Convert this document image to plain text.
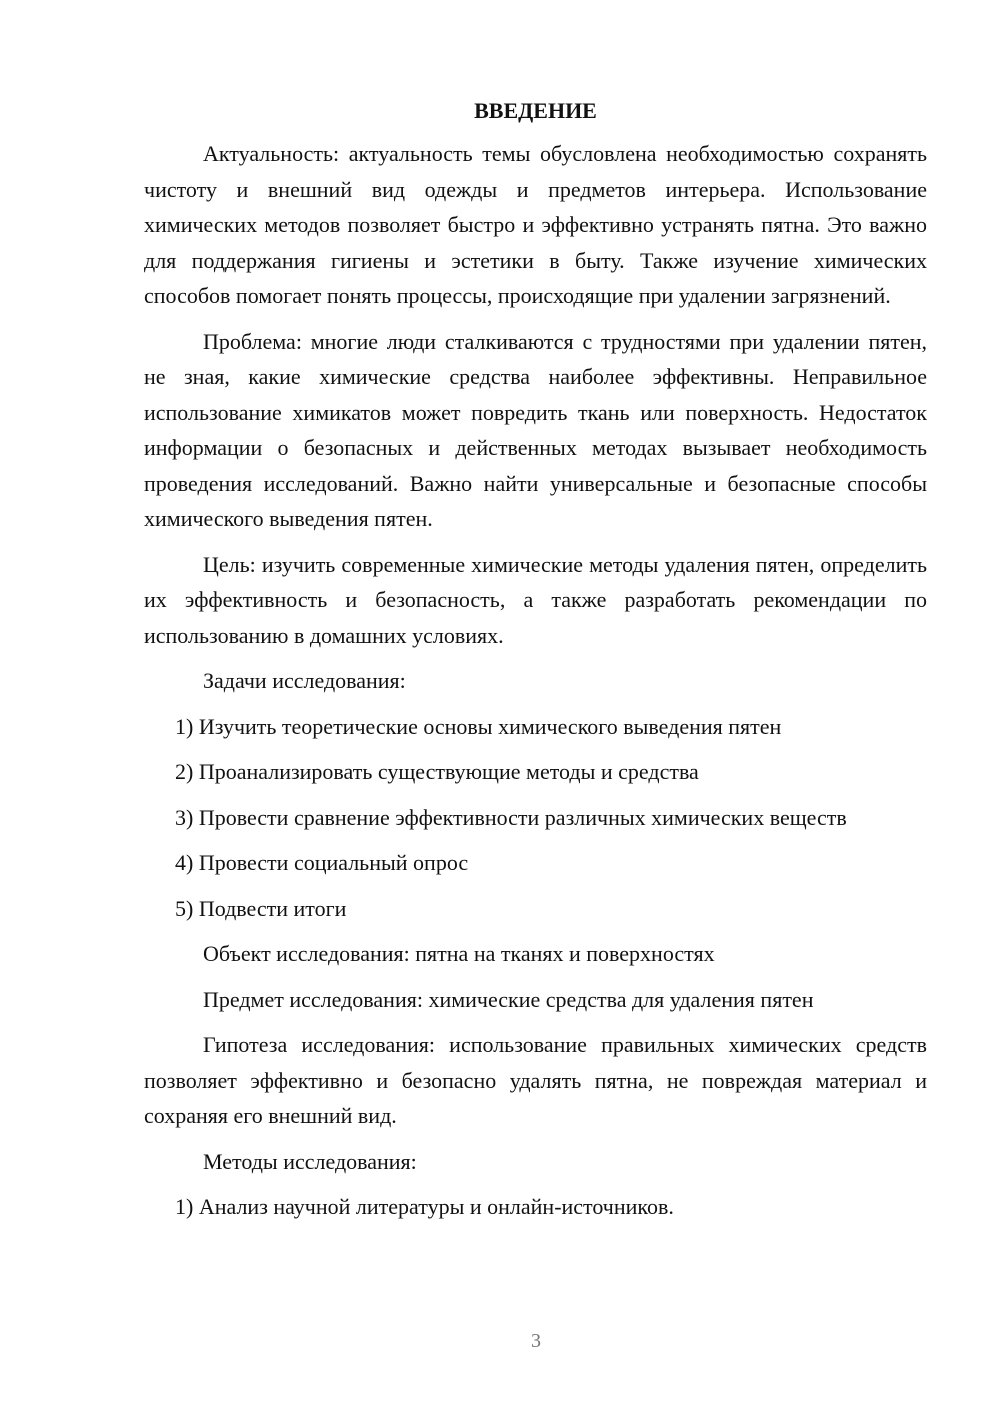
ВВЕДЕНИЕ
Актуальность: актуальность темы обусловлена необходимостью сохранять чистоту и внешний вид одежды и предметов интерьера. Использование химических методов позволяет быстро и эффективно устранять пятна. Это важно для поддержания гигиены и эстетики в быту. Также изучение химических способов помогает понять процессы, происходящие при удалении загрязнений.
Проблема: многие люди сталкиваются с трудностями при удалении пятен, не зная, какие химические средства наиболее эффективны. Неправильное использование химикатов может повредить ткань или поверхность. Недостаток информации о безопасных и действенных методах вызывает необходимость проведения исследований. Важно найти универсальные и безопасные способы химического выведения пятен.
Цель: изучить современные химические методы удаления пятен, определить их эффективность и безопасность, а также разработать рекомендации по использованию в домашних условиях.
Задачи исследования:
1) Изучить теоретические основы химического выведения пятен
2) Проанализировать существующие методы и средства
3) Провести сравнение эффективности различных химических веществ
4) Провести социальный опрос
5) Подвести итоги
Объект исследования: пятна на тканях и поверхностях
Предмет исследования: химические средства для удаления пятен
Гипотеза исследования: использование правильных химических средств позволяет эффективно и безопасно удалять пятна, не повреждая материал и сохраняя его внешний вид.
Методы исследования:
1) Анализ научной литературы и онлайн-источников.
3
